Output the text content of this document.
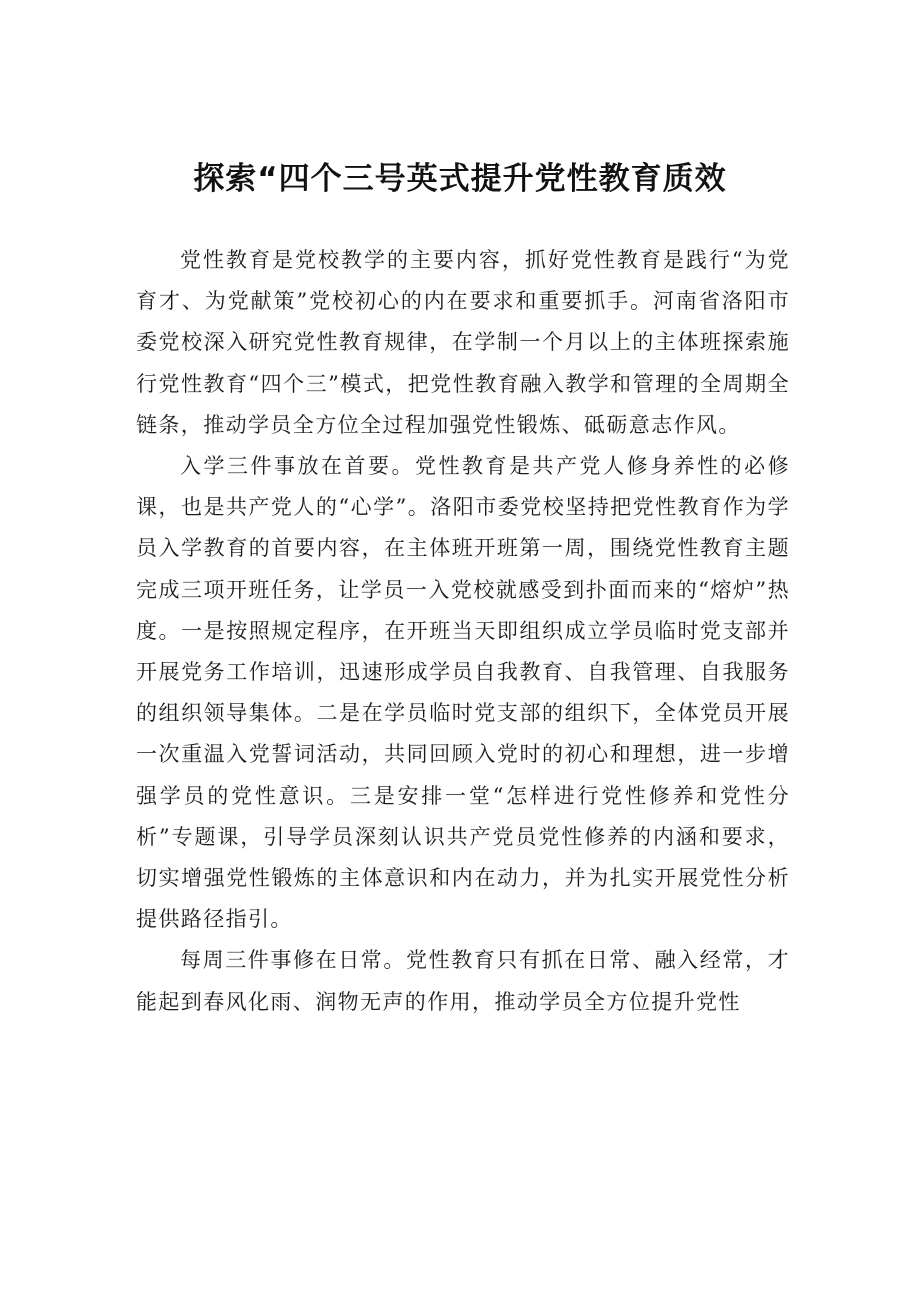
探索“四个三号英式提升党性教育质效

党性教育是党校教学的主要内容，抓好党性教育是践行“为党育才、为党献策”党校初心的内在要求和重要抓手。河南省洛阳市委党校深入研究党性教育规律，在学制一个月以上的主体班探索施行党性教育“四个三”模式，把党性教育融入教学和管理的全周期全链条，推动学员全方位全过程加强党性锻炼、砥砺意志作风。

入学三件事放在首要。党性教育是共产党人修身养性的必修课，也是共产党人的“心学”。洛阳市委党校坚持把党性教育作为学员入学教育的首要内容，在主体班开班第一周，围绕党性教育主题完成三项开班任务，让学员一入党校就感受到扑面而来的“熔炉”热度。一是按照规定程序，在开班当天即组织成立学员临时党支部并开展党务工作培训，迅速形成学员自我教育、自我管理、自我服务的组织领导集体。二是在学员临时党支部的组织下，全体党员开展一次重温入党誓词活动，共同回顾入党时的初心和理想，进一步增强学员的党性意识。三是安排一堂“怎样进行党性修养和党性分析”专题课，引导学员深刻认识共产党员党性修养的内涵和要求，切实增强党性锻炼的主体意识和内在动力，并为扎实开展党性分析提供路径指引。

每周三件事修在日常。党性教育只有抓在日常、融入经常，才能起到春风化雨、润物无声的作用，推动学员全方位提升党性
